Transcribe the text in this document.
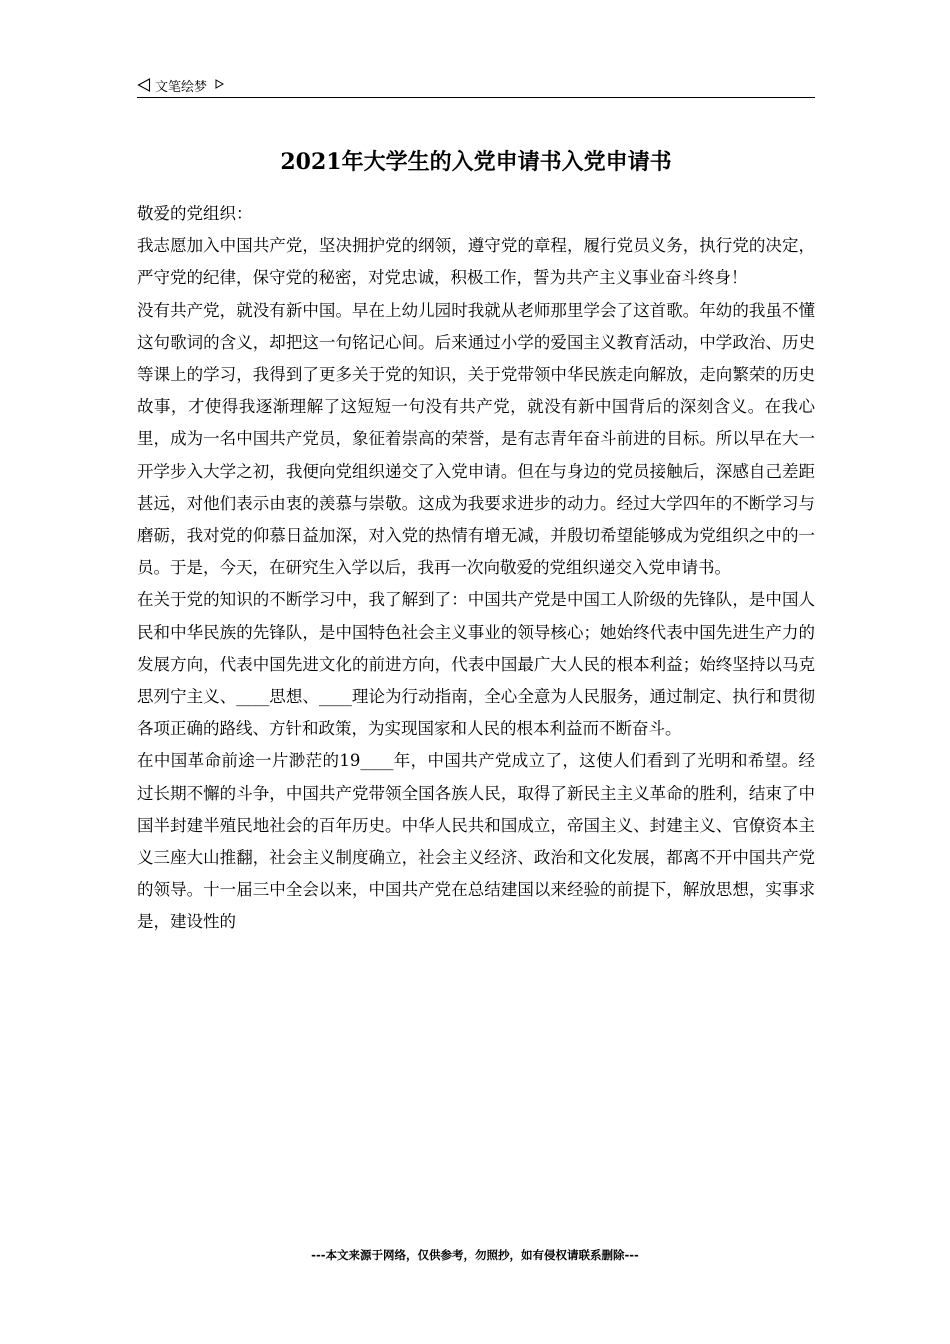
文笔绘梦
2021年大学生的入党申请书入党申请书

敬爱的党组织：

我志愿加入中国共产党，坚决拥护党的纲领，遵守党的章程，履行党员义务，执行党的决定，严守党的纪律，保守党的秘密，对党忠诚，积极工作，誓为共产主义事业奋斗终身！

没有共产党，就没有新中国。早在上幼儿园时我就从老师那里学会了这首歌。年幼的我虽不懂这句歌词的含义，却把这一句铭记心间。后来通过小学的爱国主义教育活动，中学政治、历史等课上的学习，我得到了更多关于党的知识，关于党带领中华民族走向解放，走向繁荣的历史故事，才使得我逐渐理解了这短短一句没有共产党，就没有新中国背后的深刻含义。在我心里，成为一名中国共产党员，象征着崇高的荣誉，是有志青年奋斗前进的目标。所以早在大一开学步入大学之初，我便向党组织递交了入党申请。但在与身边的党员接触后，深感自己差距甚远，对他们表示由衷的羡慕与崇敬。这成为我要求进步的动力。经过大学四年的不断学习与磨砺，我对党的仰慕日益加深，对入党的热情有增无减，并殷切希望能够成为党组织之中的一员。于是，今天，在研究生入学以后，我再一次向敬爱的党组织递交入党申请书。

在关于党的知识的不断学习中，我了解到了：中国共产党是中国工人阶级的先锋队，是中国人民和中华民族的先锋队，是中国特色社会主义事业的领导核心；她始终代表中国先进生产力的发展方向，代表中国先进文化的前进方向，代表中国最广大人民的根本利益；始终坚持以马克思列宁主义、____思想、____理论为行动指南，全心全意为人民服务，通过制定、执行和贯彻各项正确的路线、方针和政策，为实现国家和人民的根本利益而不断奋斗。

在中国革命前途一片渺茫的19____年，中国共产党成立了，这使人们看到了光明和希望。经过长期不懈的斗争，中国共产党带领全国各族人民，取得了新民主主义革命的胜利，结束了中国半封建半殖民地社会的百年历史。中华人民共和国成立，帝国主义、封建主义、官僚资本主义三座大山推翻，社会主义制度确立，社会主义经济、政治和文化发展，都离不开中国共产党的领导。十一届三中全会以来，中国共产党在总结建国以来经验的前提下，解放思想，实事求是，建设性的

---本文来源于网络，仅供参考，勿照抄，如有侵权请联系删除---
